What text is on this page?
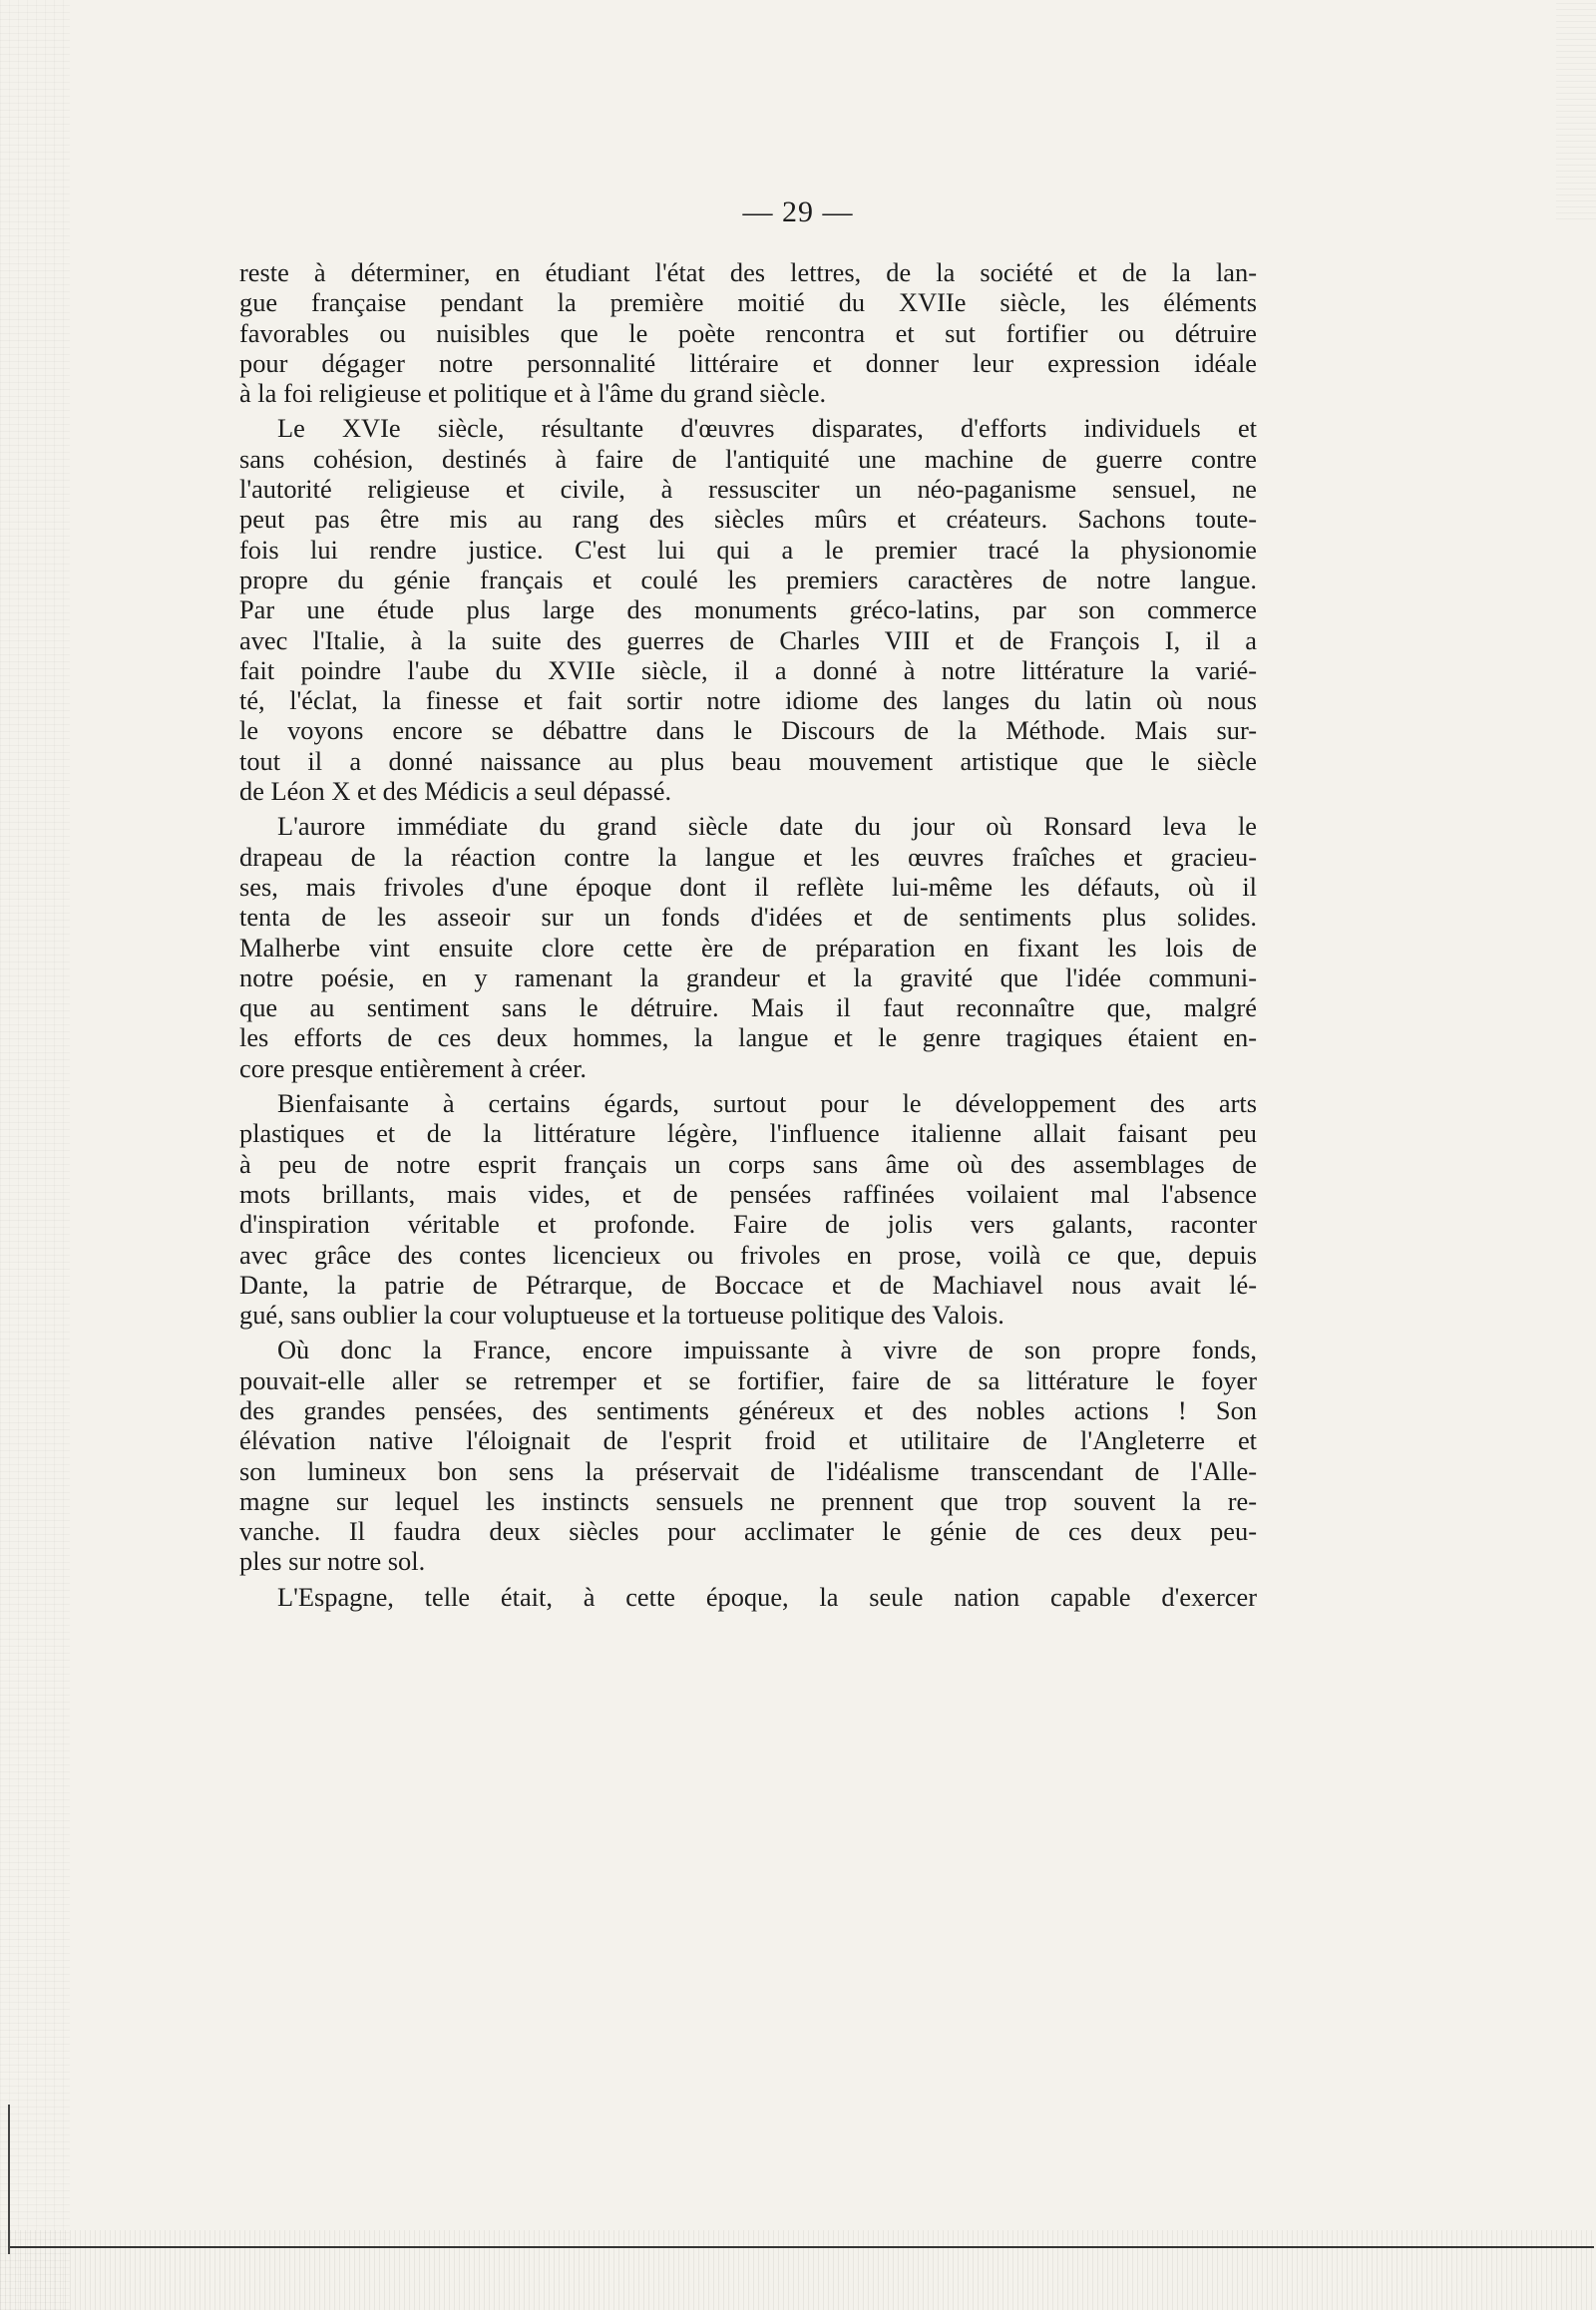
— 29 —
reste à déterminer, en étudiant l'état des lettres, de la société et de la lan-
gue française pendant la première moitié du XVIIe siècle, les éléments
favorables ou nuisibles que le poète rencontra et sut fortifier ou détruire
pour dégager notre personnalité littéraire et donner leur expression idéale
à la foi religieuse et politique et à l'âme du grand siècle.
Le XVIe siècle, résultante d'œuvres disparates, d'efforts individuels et
sans cohésion, destinés à faire de l'antiquité une machine de guerre contre
l'autorité religieuse et civile, à ressusciter un néo-paganisme sensuel, ne
peut pas être mis au rang des siècles mûrs et créateurs. Sachons toute-
fois lui rendre justice. C'est lui qui a le premier tracé la physionomie
propre du génie français et coulé les premiers caractères de notre langue.
Par une étude plus large des monuments gréco-latins, par son commerce
avec l'Italie, à la suite des guerres de Charles VIII et de François I, il a
fait poindre l'aube du XVIIe siècle, il a donné à notre littérature la varié-
té, l'éclat, la finesse et fait sortir notre idiome des langes du latin où nous
le voyons encore se débattre dans le Discours de la Méthode. Mais sur-
tout il a donné naissance au plus beau mouvement artistique que le siècle
de Léon X et des Médicis a seul dépassé.
L'aurore immédiate du grand siècle date du jour où Ronsard leva le
drapeau de la réaction contre la langue et les œuvres fraîches et gracieu-
ses, mais frivoles d'une époque dont il reflète lui-même les défauts, où il
tenta de les asseoir sur un fonds d'idées et de sentiments plus solides.
Malherbe vint ensuite clore cette ère de préparation en fixant les lois de
notre poésie, en y ramenant la grandeur et la gravité que l'idée communi-
que au sentiment sans le détruire. Mais il faut reconnaître que, malgré
les efforts de ces deux hommes, la langue et le genre tragiques étaient en-
core presque entièrement à créer.
Bienfaisante à certains égards, surtout pour le développement des arts
plastiques et de la littérature légère, l'influence italienne allait faisant peu
à peu de notre esprit français un corps sans âme où des assemblages de
mots brillants, mais vides, et de pensées raffinées voilaient mal l'absence
d'inspiration véritable et profonde. Faire de jolis vers galants, raconter
avec grâce des contes licencieux ou frivoles en prose, voilà ce que, depuis
Dante, la patrie de Pétrarque, de Boccace et de Machiavel nous avait lé-
gué, sans oublier la cour voluptueuse et la tortueuse politique des Valois.
Où donc la France, encore impuissante à vivre de son propre fonds,
pouvait-elle aller se retremper et se fortifier, faire de sa littérature le foyer
des grandes pensées, des sentiments généreux et des nobles actions ! Son
élévation native l'éloignait de l'esprit froid et utilitaire de l'Angleterre et
son lumineux bon sens la préservait de l'idéalisme transcendant de l'Alle-
magne sur lequel les instincts sensuels ne prennent que trop souvent la re-
vanche. Il faudra deux siècles pour acclimater le génie de ces deux peu-
ples sur notre sol.
L'Espagne, telle était, à cette époque, la seule nation capable d'exercer
